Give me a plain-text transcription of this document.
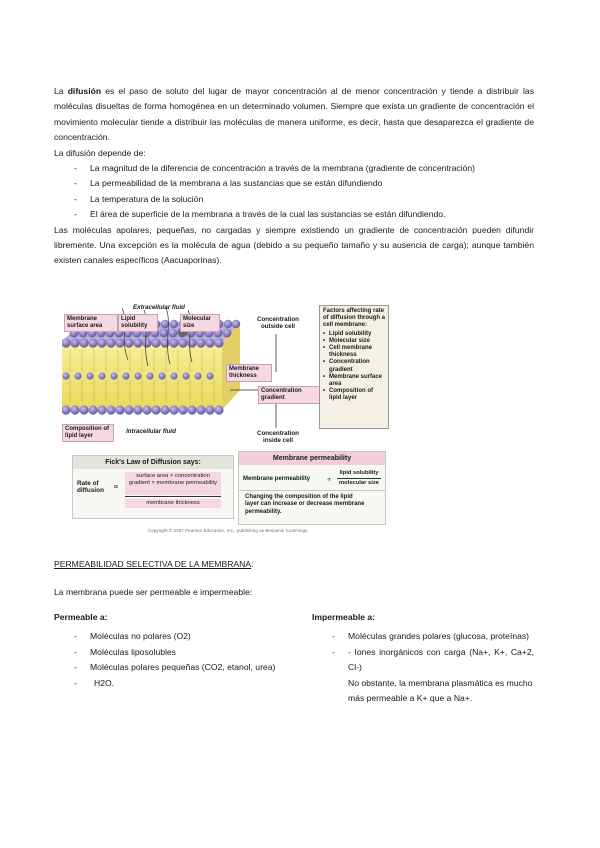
La difusión es el paso de soluto del lugar de mayor concentración al de menor concentración y tiende a distribuir las moléculas disueltas de forma homogénea en un determinado volumen. Siempre que exista un gradiente de concentración el movimiento molecular tiende a distribuir las moléculas de manera uniforme, es decir, hasta que desaparezca el gradiente de concentración.

La difusión depende de:

- La magnitud de la diferencia de concentración a través de la membrana (gradiente de concentración)
- La permeabilidad de la membrana a las sustancias que se están difundiendo
- La temperatura de la solución
- El área de superficie de la membrana a través de la cual las sustancias se están difundiendo.

Las moléculas apolares, pequeñas, no cargadas y siempre existiendo un gradiente de concentración pueden difundir libremente. Una excepción es la molécula de agua (debido a su pequeño tamaño y su ausencia de carga); aunque también existen canales específicos (Aacuaporinas).

Membrane surface area
Extracellular fluid
Lipid solubility
Molecular size
Concentration outside cell
Membrane thickness
Concentration gradient
Composition of lipid layer
Intracellular fluid	Concentration inside cell
Factors affecting rate of diffusion through a cell membrane:
• Lipid solubility
• Molecular size
• Cell membrane thickness
• Concentration gradient
• Membrane surface area
• Composition of lipid layer
Fick's Law of Diffusion says:
Rate of diffusion	∝
surface area × concentration gradient × membrane permeability
membrane thickness
Membrane permeability
Membrane permeability	∝
lipid solubility
molecular size
Changing the composition of the lipid layer can increase or decrease membrane permeability.
Copyright © 2007 Pearson Education, Inc., publishing as Benjamin Cummings.
PERMEABILIDAD SELECTIVA DE LA MEMBRANA:
La membrana puede ser permeable e impermeable:
Permeable a:
- Moléculas no polares (O2)
- Moléculas liposolubles
- Moléculas polares pequeñas (CO2, etanol, urea)
- H2O.
Impermeable a:
- Moléculas grandes polares (glucosa, proteínas)
- - Iones inorgánicos con carga (Na+, K+, Ca+2, Cl-)
No obstante, la membrana plasmática es mucho más permeable a K+ que a Na+.
